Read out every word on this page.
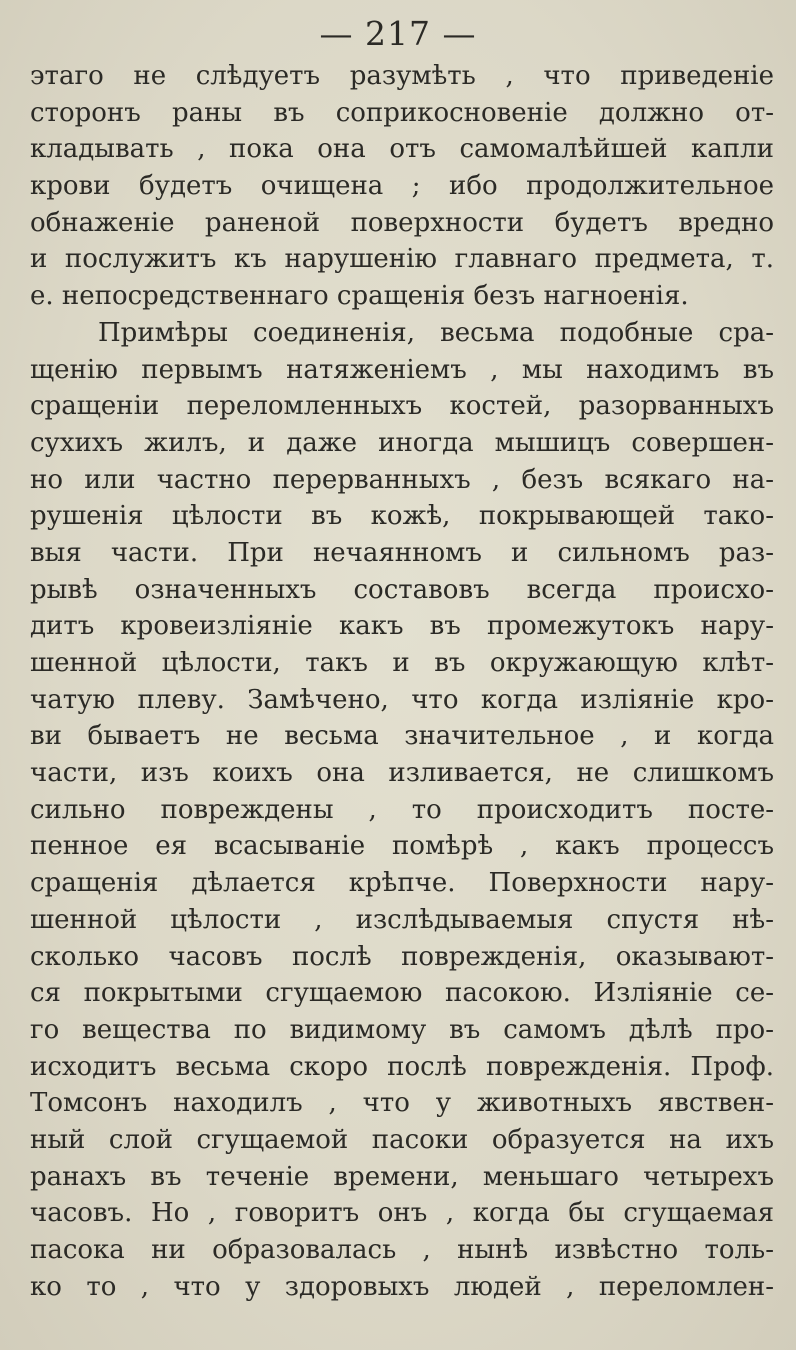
— 217 —
этаго не слѣдуетъ разумѣть , что приведеніе
сторонъ раны въ соприкосновеніе должно от-
кладывать , пока она отъ самомалѣйшей капли
крови будетъ очищена ; ибо продолжительное
обнаженіе раненой поверхности будетъ вредно
и послужитъ къ нарушенію главнаго предмета, т.
е. непосредственнаго сращенія безъ нагноенія.
Примѣры соединенія, весьма подобные сра-
щенію первымъ натяженіемъ , мы находимъ въ
сращеніи переломленныхъ костей, разорванныхъ
сухихъ жилъ, и даже иногда мышицъ совершен-
но или частно перерванныхъ , безъ всякаго на-
рушенія цѣлости въ кожѣ, покрывающей тако-
выя части. При нечаянномъ и сильномъ раз-
рывѣ означенныхъ составовъ всегда происхо-
дитъ кровеизліяніе какъ въ промежутокъ нару-
шенной цѣлости, такъ и въ окружающую клѣт-
чатую плеву. Замѣчено, что когда изліяніе кро-
ви бываетъ не весьма значительное , и когда
части, изъ коихъ она изливается, не слишкомъ
сильно повреждены , то происходитъ посте-
пенное ея всасываніе помѣрѣ , какъ процессъ
сращенія дѣлается крѣпче. Поверхности нару-
шенной цѣлости , изслѣдываемыя спустя нѣ-
сколько часовъ послѣ поврежденія, оказывают-
ся покрытыми сгущаемою пасокою. Изліяніе се-
го вещества по видимому въ самомъ дѣлѣ про-
исходитъ весьма скоро послѣ поврежденія. Проф.
Томсонъ находилъ , что у животныхъ явствен-
ный слой сгущаемой пасоки образуется на ихъ
ранахъ въ теченіе времени, меньшаго четырехъ
часовъ. Но , говоритъ онъ , когда бы сгущаемая
пасока ни образовалась , нынѣ извѣстно толь-
ко то , что у здоровыхъ людей , переломлен-
